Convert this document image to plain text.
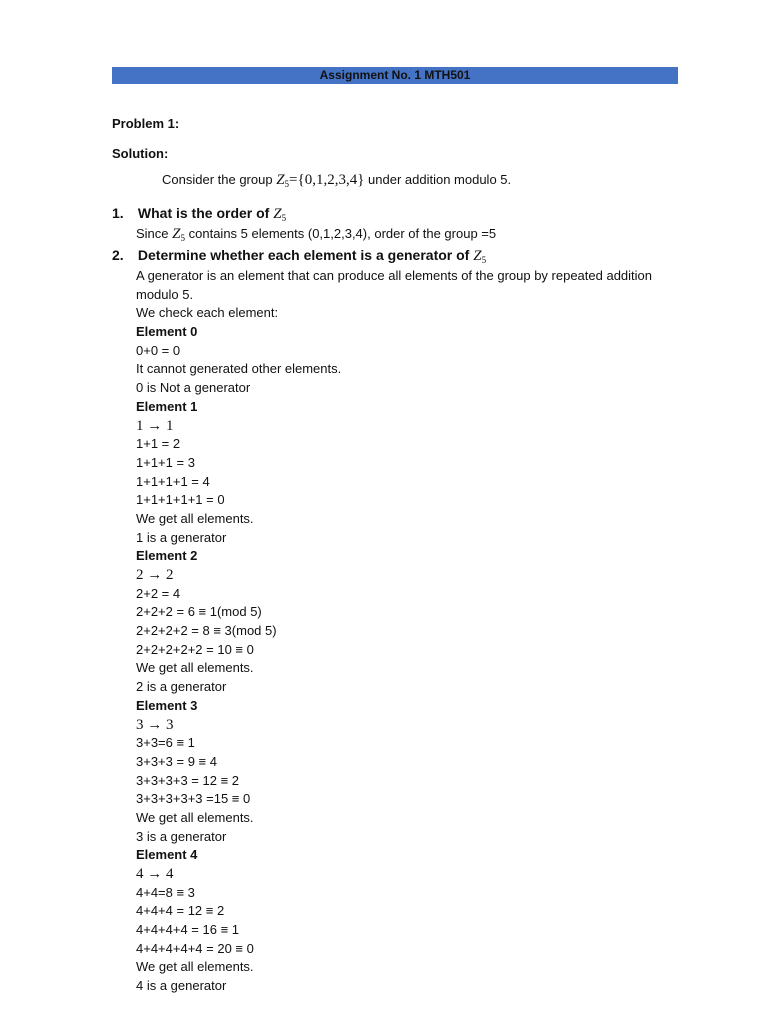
Assignment No. 1 MTH501
Problem 1:
Solution:
Consider the group $Z_5=\{0,1,2,3,4\}$ under addition modulo 5.
1. What is the order of $Z_5$
Since $Z_5$ contains 5 elements (0,1,2,3,4), order of the group =5
2. Determine whether each element is a generator of $Z_5$
A generator is an element that can produce all elements of the group by repeated addition
modulo 5.
We check each element:
Element 0
0+0 = 0
It cannot generated other elements.
0 is Not a generator
Element 1
1 → 1
1+1 = 2
1+1+1 = 3
1+1+1+1 = 4
1+1+1+1+1 = 0
We get all elements.
1 is a generator
Element 2
2 → 2
2+2 = 4
2+2+2 = 6 ≡ 1(mod 5)
2+2+2+2 = 8 ≡ 3(mod 5)
2+2+2+2+2 = 10 ≡ 0
We get all elements.
2 is a generator
Element 3
3 → 3
3+3=6 ≡ 1
3+3+3 = 9 ≡ 4
3+3+3+3 = 12 ≡ 2
3+3+3+3+3 =15 ≡ 0
We get all elements.
3 is a generator
Element 4
4 → 4
4+4=8 ≡ 3
4+4+4 = 12 ≡ 2
4+4+4+4 = 16 ≡ 1
4+4+4+4+4 = 20 ≡ 0
We get all elements.
4 is a generator
